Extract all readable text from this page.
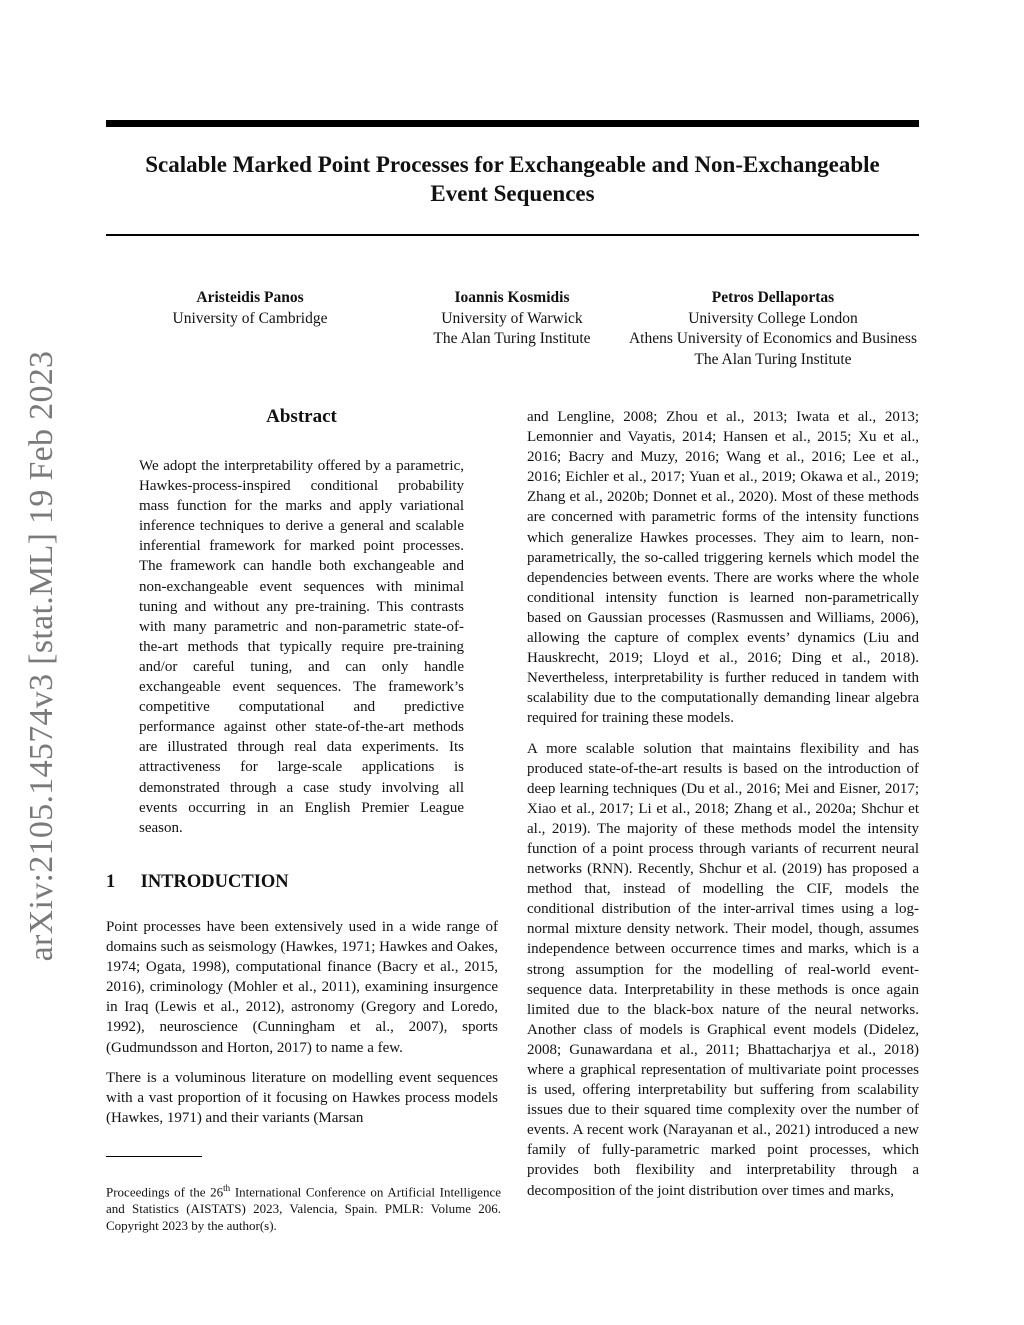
Scalable Marked Point Processes for Exchangeable and Non-Exchangeable
Event Sequences
Aristeidis Panos
University of Cambridge
Ioannis Kosmidis
University of Warwick
The Alan Turing Institute
Petros Dellaportas
University College London
Athens University of Economics and Business
The Alan Turing Institute
arXiv:2105.14574v3 [stat.ML] 19 Feb 2023	Abstract

We adopt the interpretability offered by a parametric, Hawkes-process-inspired conditional probability mass function for the marks and apply variational inference techniques to derive a general and scalable inferential framework for marked point processes. The framework can handle both exchangeable and non-exchangeable event sequences with minimal tuning and without any pre-training. This contrasts with many parametric and non-parametric state-of-the-art methods that typically require pre-training and/or careful tuning, and can only handle exchangeable event sequences. The framework’s competitive computational and predictive performance against other state-of-the-art methods are illustrated through real data experiments. Its attractiveness for large-scale applications is demonstrated through a case study involving all events occurring in an English Premier League season.

1 INTRODUCTION

Point processes have been extensively used in a wide range of domains such as seismology (Hawkes, 1971; Hawkes and Oakes, 1974; Ogata, 1998), computational finance (Bacry et al., 2015, 2016), criminology (Mohler et al., 2011), examining insurgence in Iraq (Lewis et al., 2012), astronomy (Gregory and Loredo, 1992), neuroscience (Cunningham et al., 2007), sports (Gudmundsson and Horton, 2017) to name a few.

There is a voluminous literature on modelling event sequences with a vast proportion of it focusing on Hawkes process models (Hawkes, 1971) and their variants (Marsan

Proceedings of the 26th International Conference on Artificial Intelligence and Statistics (AISTATS) 2023, Valencia, Spain. PMLR: Volume 206. Copyright 2023 by the author(s).

and Lengline, 2008; Zhou et al., 2013; Iwata et al., 2013; Lemonnier and Vayatis, 2014; Hansen et al., 2015; Xu et al., 2016; Bacry and Muzy, 2016; Wang et al., 2016; Lee et al., 2016; Eichler et al., 2017; Yuan et al., 2019; Okawa et al., 2019; Zhang et al., 2020b; Donnet et al., 2020). Most of these methods are concerned with parametric forms of the intensity functions which generalize Hawkes processes. They aim to learn, non-parametrically, the so-called triggering kernels which model the dependencies between events. There are works where the whole conditional intensity function is learned non-parametrically based on Gaussian processes (Rasmussen and Williams, 2006), allowing the capture of complex events’ dynamics (Liu and Hauskrecht, 2019; Lloyd et al., 2016; Ding et al., 2018). Nevertheless, interpretability is further reduced in tandem with scalability due to the computationally demanding linear algebra required for training these models.

A more scalable solution that maintains flexibility and has produced state-of-the-art results is based on the introduction of deep learning techniques (Du et al., 2016; Mei and Eisner, 2017; Xiao et al., 2017; Li et al., 2018; Zhang et al., 2020a; Shchur et al., 2019). The majority of these methods model the intensity function of a point process through variants of recurrent neural networks (RNN). Recently, Shchur et al. (2019) has proposed a method that, instead of modelling the CIF, models the conditional distribution of the inter-arrival times using a log-normal mixture density network. Their model, though, assumes independence between occurrence times and marks, which is a strong assumption for the modelling of real-world event-sequence data. Interpretability in these methods is once again limited due to the black-box nature of the neural networks. Another class of models is Graphical event models (Didelez, 2008; Gunawardana et al., 2011; Bhattacharjya et al., 2018) where a graphical representation of multivariate point processes is used, offering interpretability but suffering from scalability issues due to their squared time complexity over the number of events. A recent work (Narayanan et al., 2021) introduced a new family of fully-parametric marked point processes, which provides both flexibility and interpretability through a decomposition of the joint distribution over times and marks,
